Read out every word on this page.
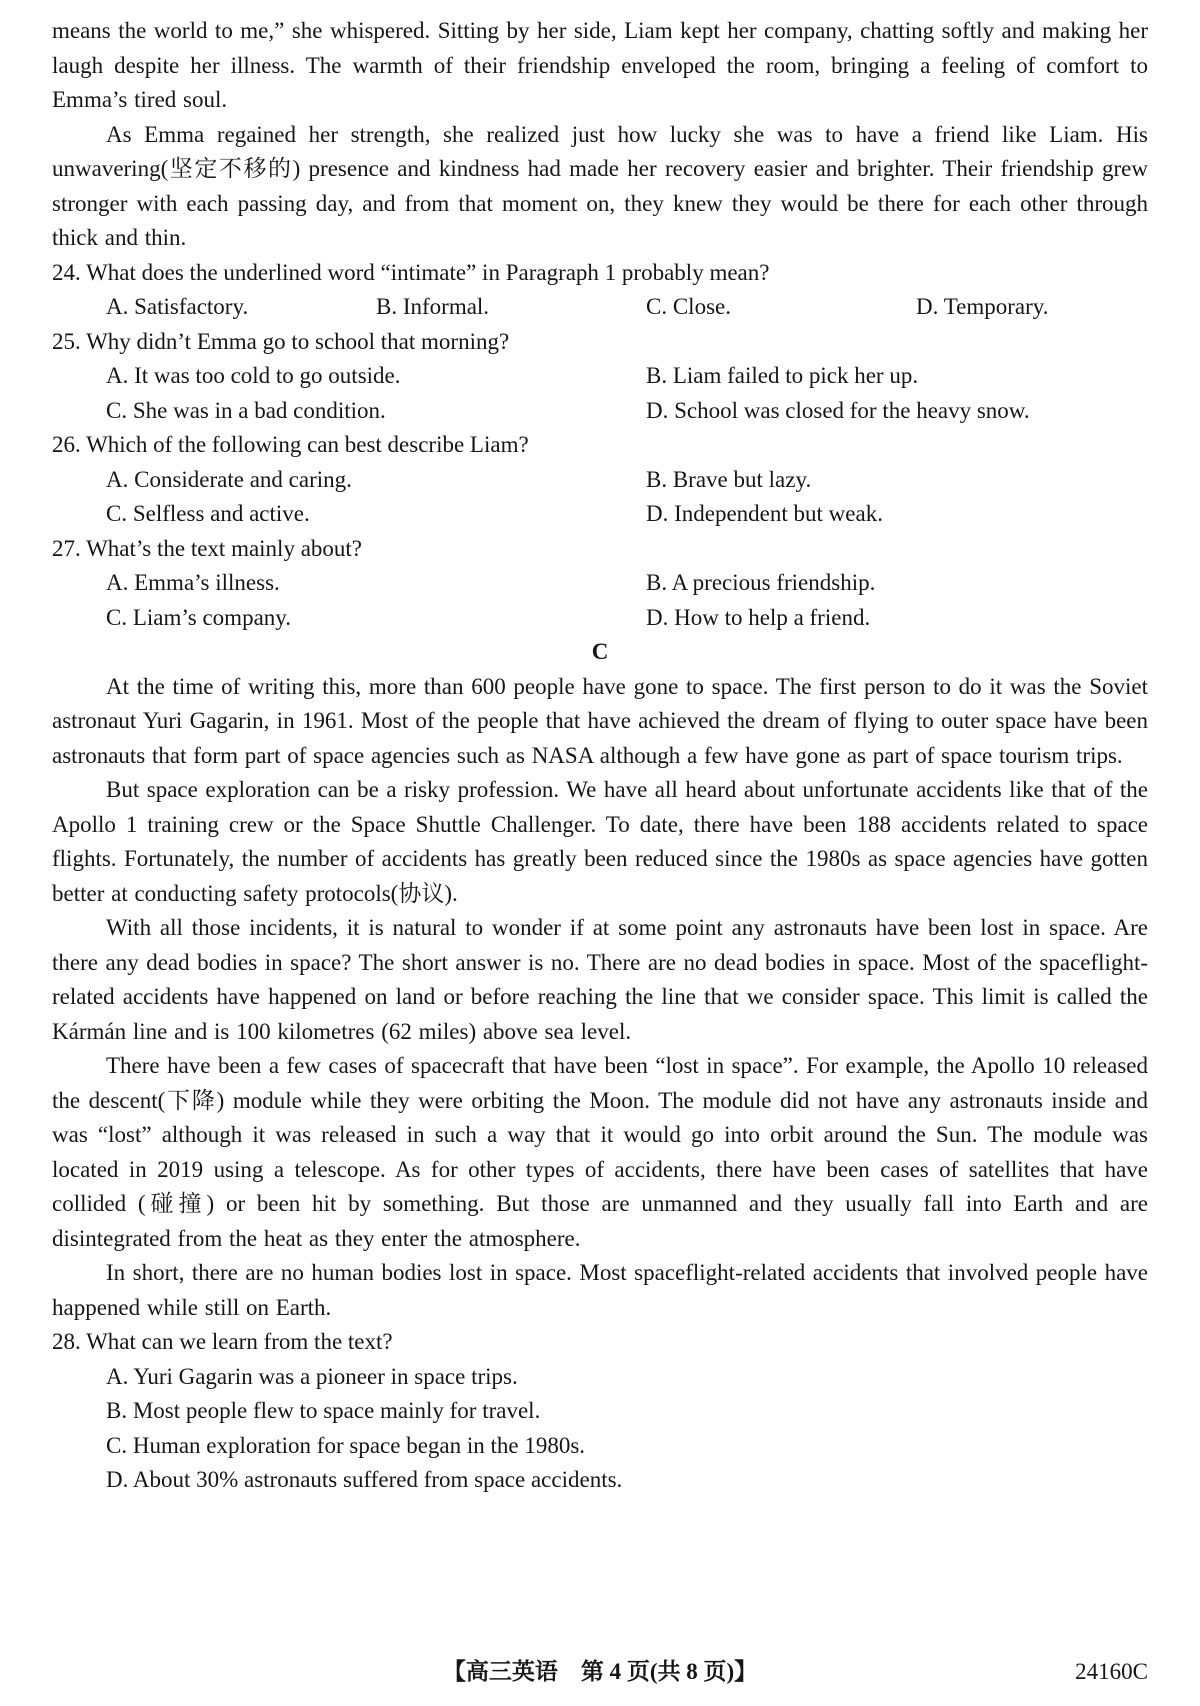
means the world to me,” she whispered. Sitting by her side, Liam kept her company, chatting softly and making her laugh despite her illness. The warmth of their friendship enveloped the room, bringing a feeling of comfort to Emma’s tired soul.

As Emma regained her strength, she realized just how lucky she was to have a friend like Liam. His unwavering(坚定不移的) presence and kindness had made her recovery easier and brighter. Their friendship grew stronger with each passing day, and from that moment on, they knew they would be there for each other through thick and thin.

24. What does the underlined word “intimate” in Paragraph 1 probably mean?

A. Satisfactory.	B. Informal.	C. Close.	D. Temporary.

25. Why didn’t Emma go to school that morning?

A. It was too cold to go outside.	B. Liam failed to pick her up.
C. She was in a bad condition.	D. School was closed for the heavy snow.

26. Which of the following can best describe Liam?

A. Considerate and caring.	B. Brave but lazy.
C. Selfless and active.	D. Independent but weak.

27. What’s the text mainly about?

A. Emma’s illness.	B. A precious friendship.
C. Liam’s company.	D. How to help a friend.

C

At the time of writing this, more than 600 people have gone to space. The first person to do it was the Soviet astronaut Yuri Gagarin, in 1961. Most of the people that have achieved the dream of flying to outer space have been astronauts that form part of space agencies such as NASA although a few have gone as part of space tourism trips.

But space exploration can be a risky profession. We have all heard about unfortunate accidents like that of the Apollo 1 training crew or the Space Shuttle Challenger. To date, there have been 188 accidents related to space flights. Fortunately, the number of accidents has greatly been reduced since the 1980s as space agencies have gotten better at conducting safety protocols(协议).

With all those incidents, it is natural to wonder if at some point any astronauts have been lost in space. Are there any dead bodies in space? The short answer is no. There are no dead bodies in space. Most of the spaceflight-related accidents have happened on land or before reaching the line that we consider space. This limit is called the Kármán line and is 100 kilometres (62 miles) above sea level.

There have been a few cases of spacecraft that have been “lost in space”. For example, the Apollo 10 released the descent(下降) module while they were orbiting the Moon. The module did not have any astronauts inside and was “lost” although it was released in such a way that it would go into orbit around the Sun. The module was located in 2019 using a telescope. As for other types of accidents, there have been cases of satellites that have collided (碰撞) or been hit by something. But those are unmanned and they usually fall into Earth and are disintegrated from the heat as they enter the atmosphere.

In short, there are no human bodies lost in space. Most spaceflight-related accidents that involved people have happened while still on Earth.

28. What can we learn from the text?

A. Yuri Gagarin was a pioneer in space trips.
B. Most people flew to space mainly for travel.
C. Human exploration for space began in the 1980s.
D. About 30% astronauts suffered from space accidents.
【高三英语　第 4 页(共 8 页)】	24160C
